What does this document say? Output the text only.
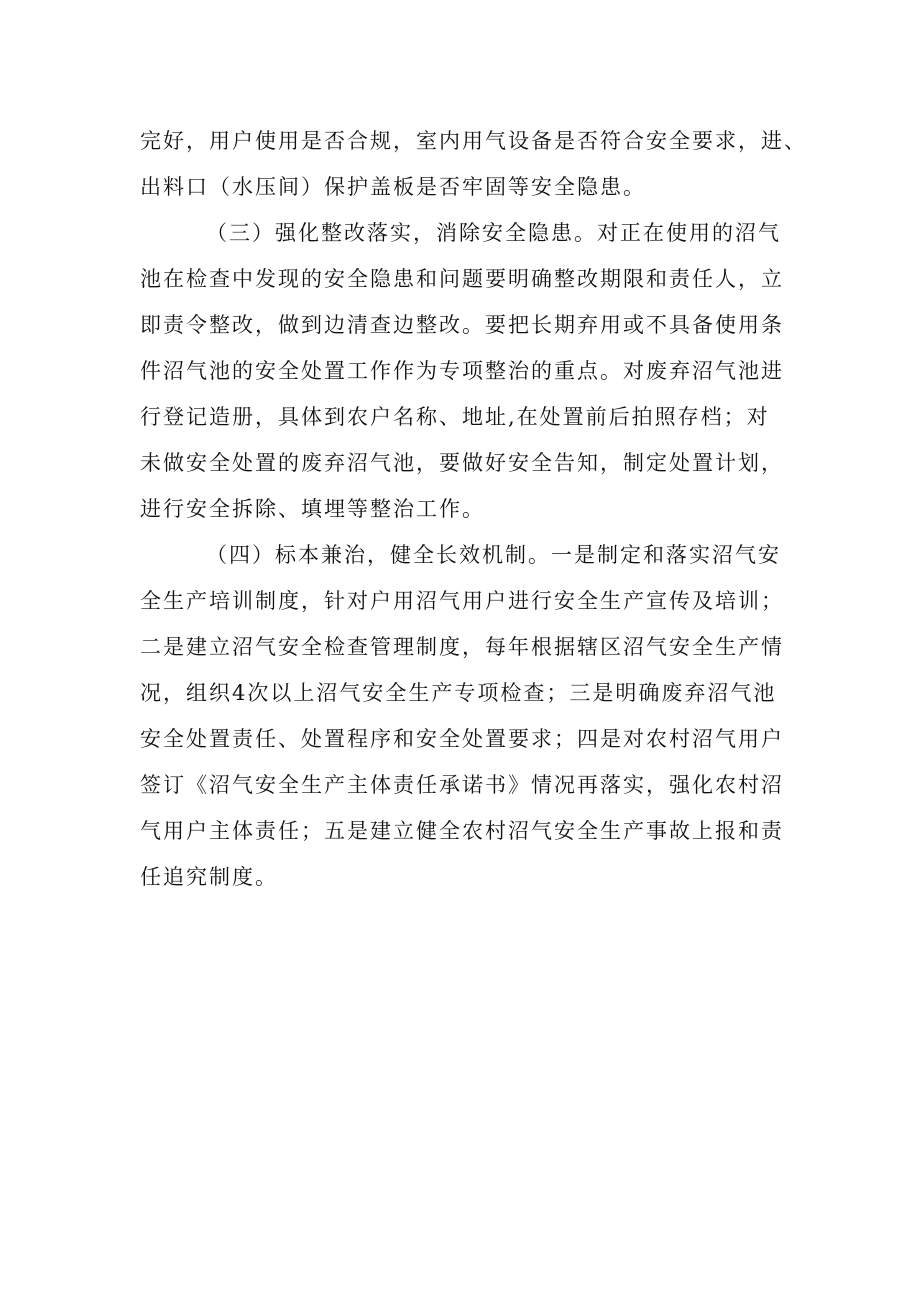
完好，用户使用是否合规，室内用气设备是否符合安全要求，进、
出料口（水压间）保护盖板是否牢固等安全隐患。

（三）强化整改落实，消除安全隐患。对正在使用的沼气
池在检查中发现的安全隐患和问题要明确整改期限和责任人，立
即责令整改，做到边清查边整改。要把长期弃用或不具备使用条
件沼气池的安全处置工作作为专项整治的重点。对废弃沼气池进
行登记造册，具体到农户名称、地址,在处置前后拍照存档；对
未做安全处置的废弃沼气池，要做好安全告知，制定处置计划，
进行安全拆除、填埋等整治工作。

（四）标本兼治，健全长效机制。一是制定和落实沼气安
全生产培训制度，针对户用沼气用户进行安全生产宣传及培训；
二是建立沼气安全检查管理制度，每年根据辖区沼气安全生产情
况，组织4次以上沼气安全生产专项检查；三是明确废弃沼气池
安全处置责任、处置程序和安全处置要求；四是对农村沼气用户
签订《沼气安全生产主体责任承诺书》情况再落实，强化农村沼
气用户主体责任；五是建立健全农村沼气安全生产事故上报和责
任追究制度。
